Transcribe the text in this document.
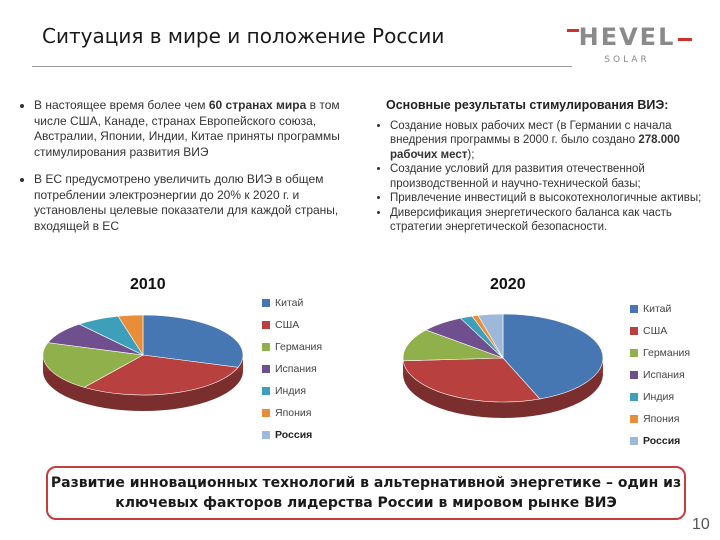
Ситуация в мире и положение России	HEVEL
SOLAR
• В настоящее время более чем 60 странах мира в том числе США, Канаде, странах Европейского союза, Австралии, Японии, Индии, Китае приняты программы стимулирования развития ВИЭ
• В ЕС предусмотрено увеличить долю ВИЭ в общем потреблении электроэнергии до 20% к 2020 г. и установлены целевые показатели для каждой страны, входящей в ЕС
Основные результаты стимулирования ВИЭ:
• Создание новых рабочих мест (в Германии с начала внедрения программы в 2000 г. было создано 278.000 рабочих мест);
• Создание условий для развития отечественной производственной и научно-технической базы;
• Привлечение инвестиций в высокотехнологичные активы;
• Диверсификация энергетического баланса как часть стратегии энергетической безопасности.
2010	2020
Китай
США
Германия
Испания
Индия
Япония
Россия
Китай
США
Германия
Испания
Индия
Япония
Россия
Развитие инновационных технологий в альтернативной энергетике – один из
ключевых факторов лидерства России в мировом рынке ВИЭ
10
